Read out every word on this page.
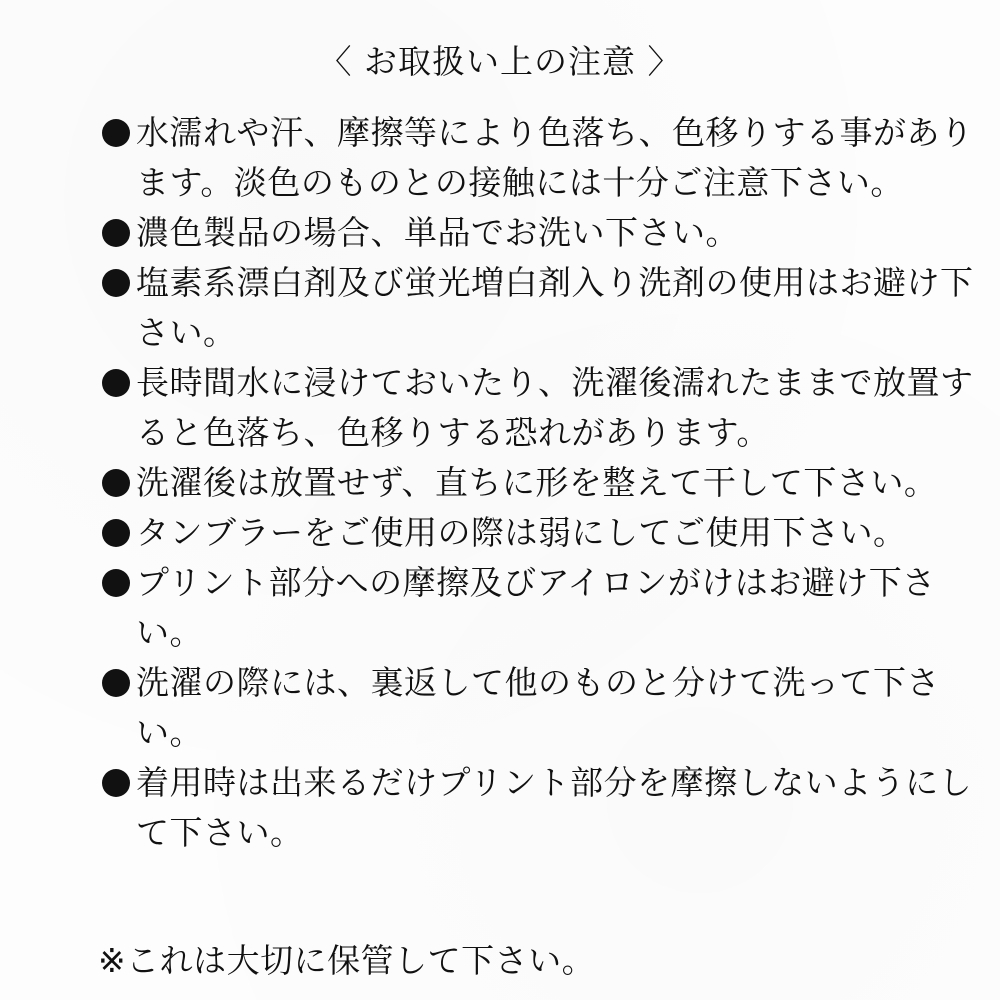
〈 お取扱い上の注意 〉
水濡れや汗、摩擦等により色落ち、色移りする事があります。淡色のものとの接触には十分ご注意下さい。
濃色製品の場合、単品でお洗い下さい。
塩素系漂白剤及び蛍光増白剤入り洗剤の使用はお避け下さい。
長時間水に浸けておいたり、洗濯後濡れたままで放置すると色落ち、色移りする恐れがあります。
洗濯後は放置せず、直ちに形を整えて干して下さい。
タンブラーをご使用の際は弱にしてご使用下さい。
プリント部分への摩擦及びアイロンがけはお避け下さい。
洗濯の際には、裏返して他のものと分けて洗って下さい。
着用時は出来るだけプリント部分を摩擦しないようにして下さい。
※これは大切に保管して下さい。
